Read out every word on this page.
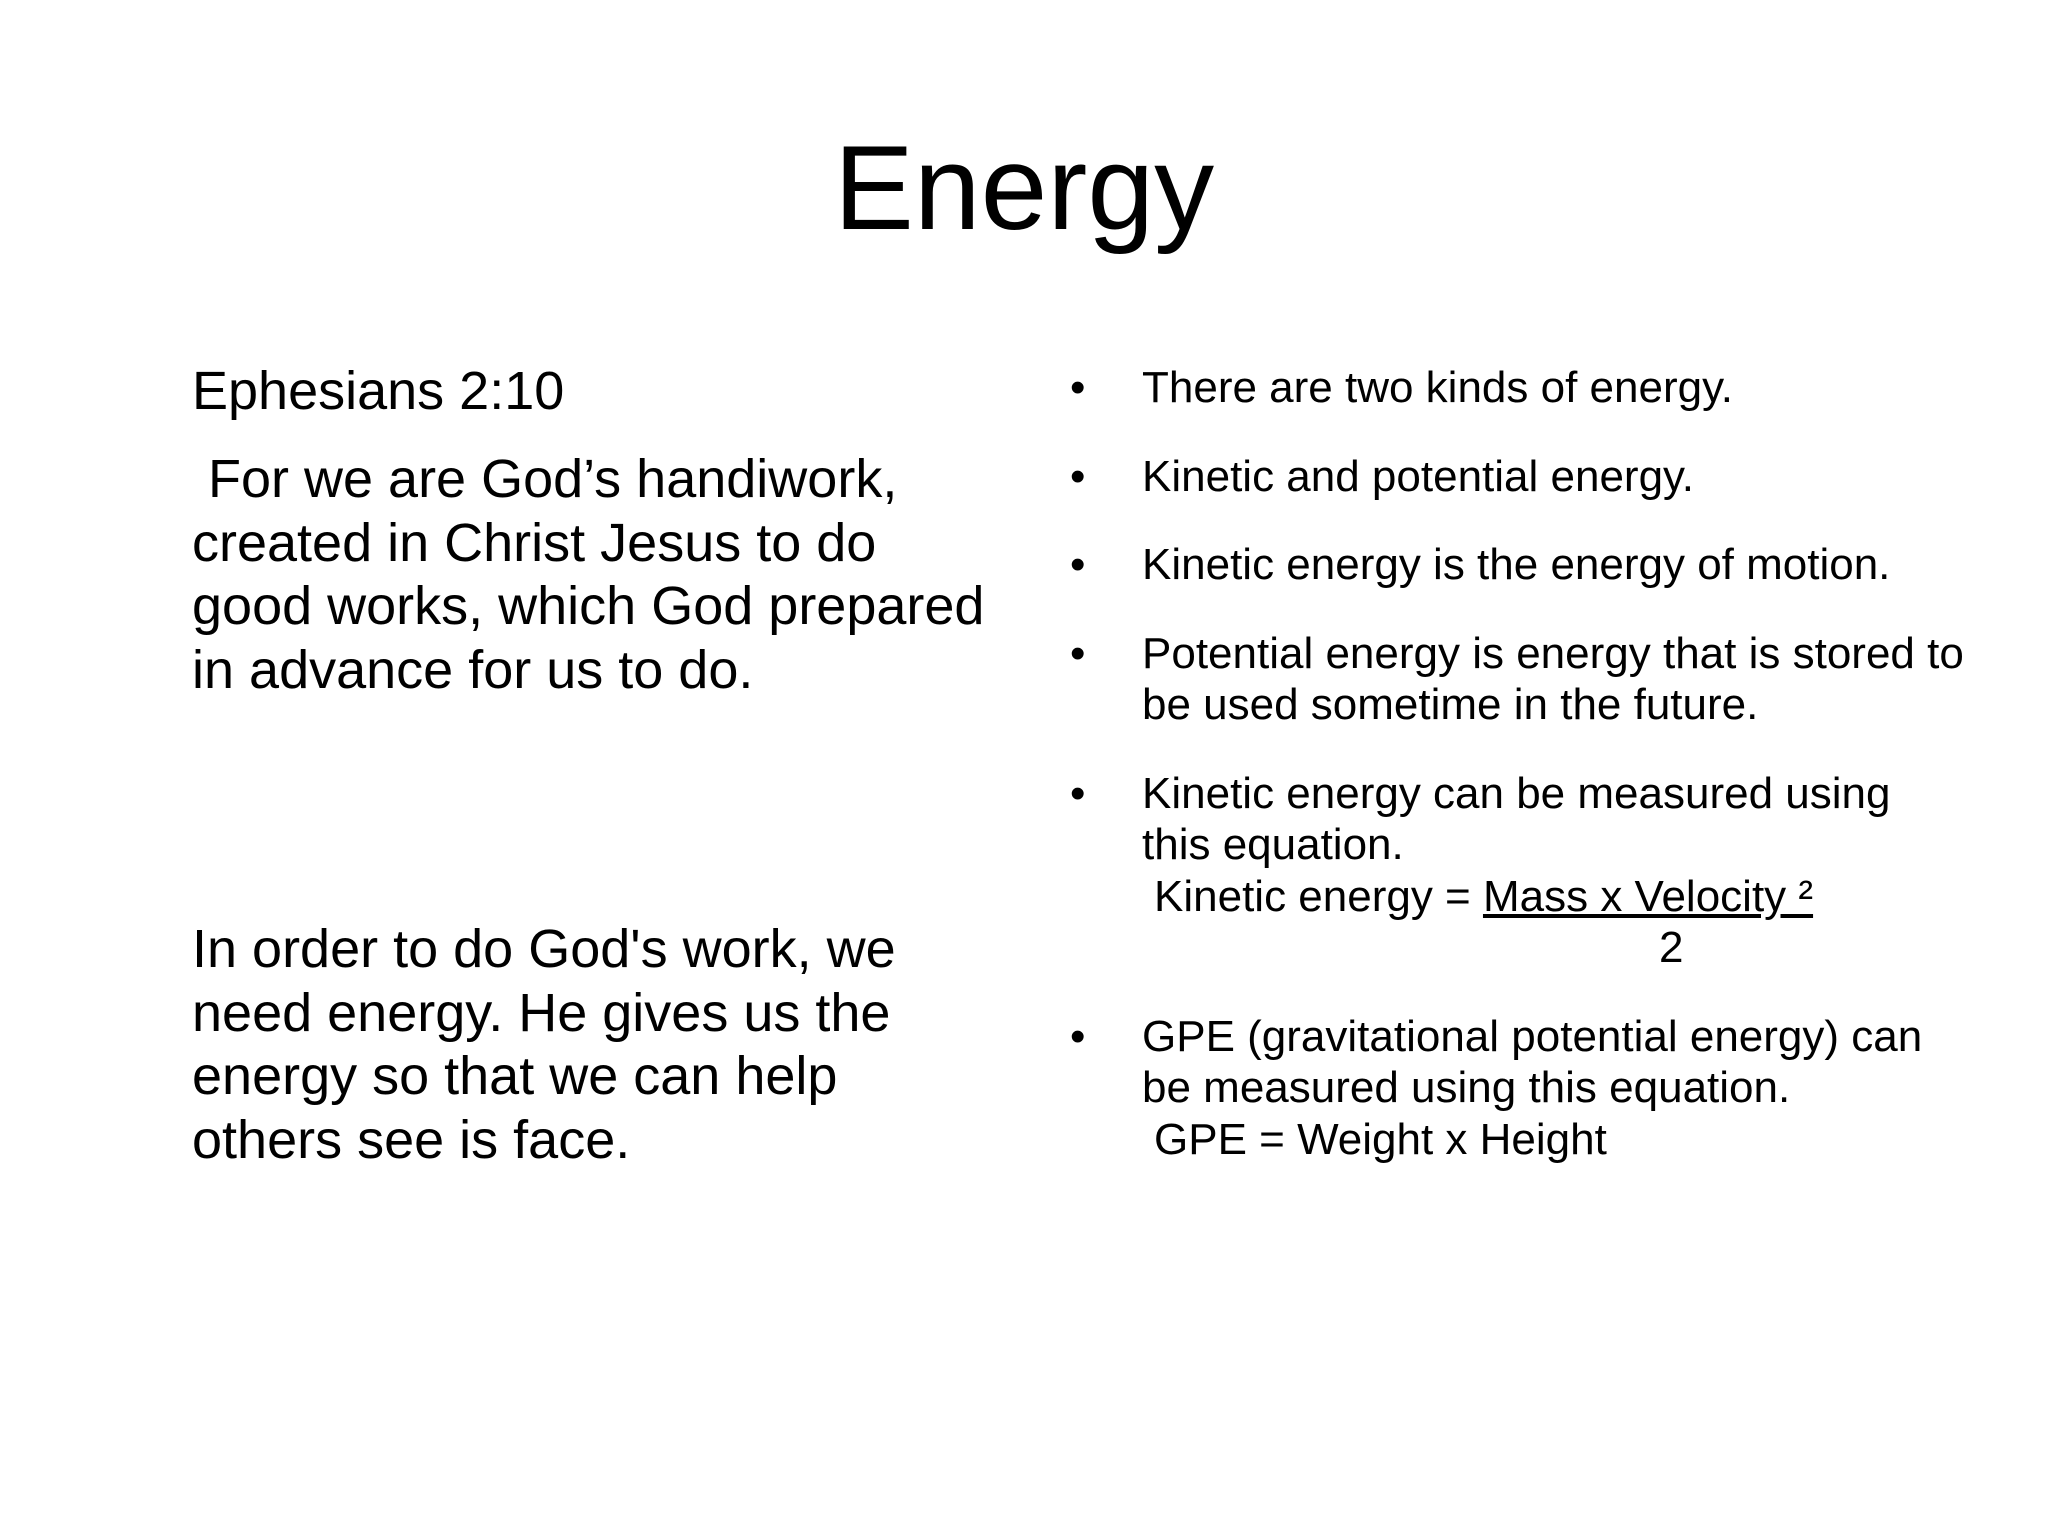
Energy
Ephesians 2:10
For we are God’s handiwork, created in Christ Jesus to do good works, which God prepared in advance for us to do.
In order to do God's work, we need energy. He gives us the energy so that we can help others see is face.
• There are two kinds of energy.
• Kinetic and potential energy.
• Kinetic energy is the energy of motion.
• Potential energy is energy that is stored to be used sometime in the future.
• Kinetic energy can be measured using this equation.
Kinetic energy = Mass x Velocity ²
2
• GPE (gravitational potential energy) can be measured using this equation.
GPE = Weight x Height
